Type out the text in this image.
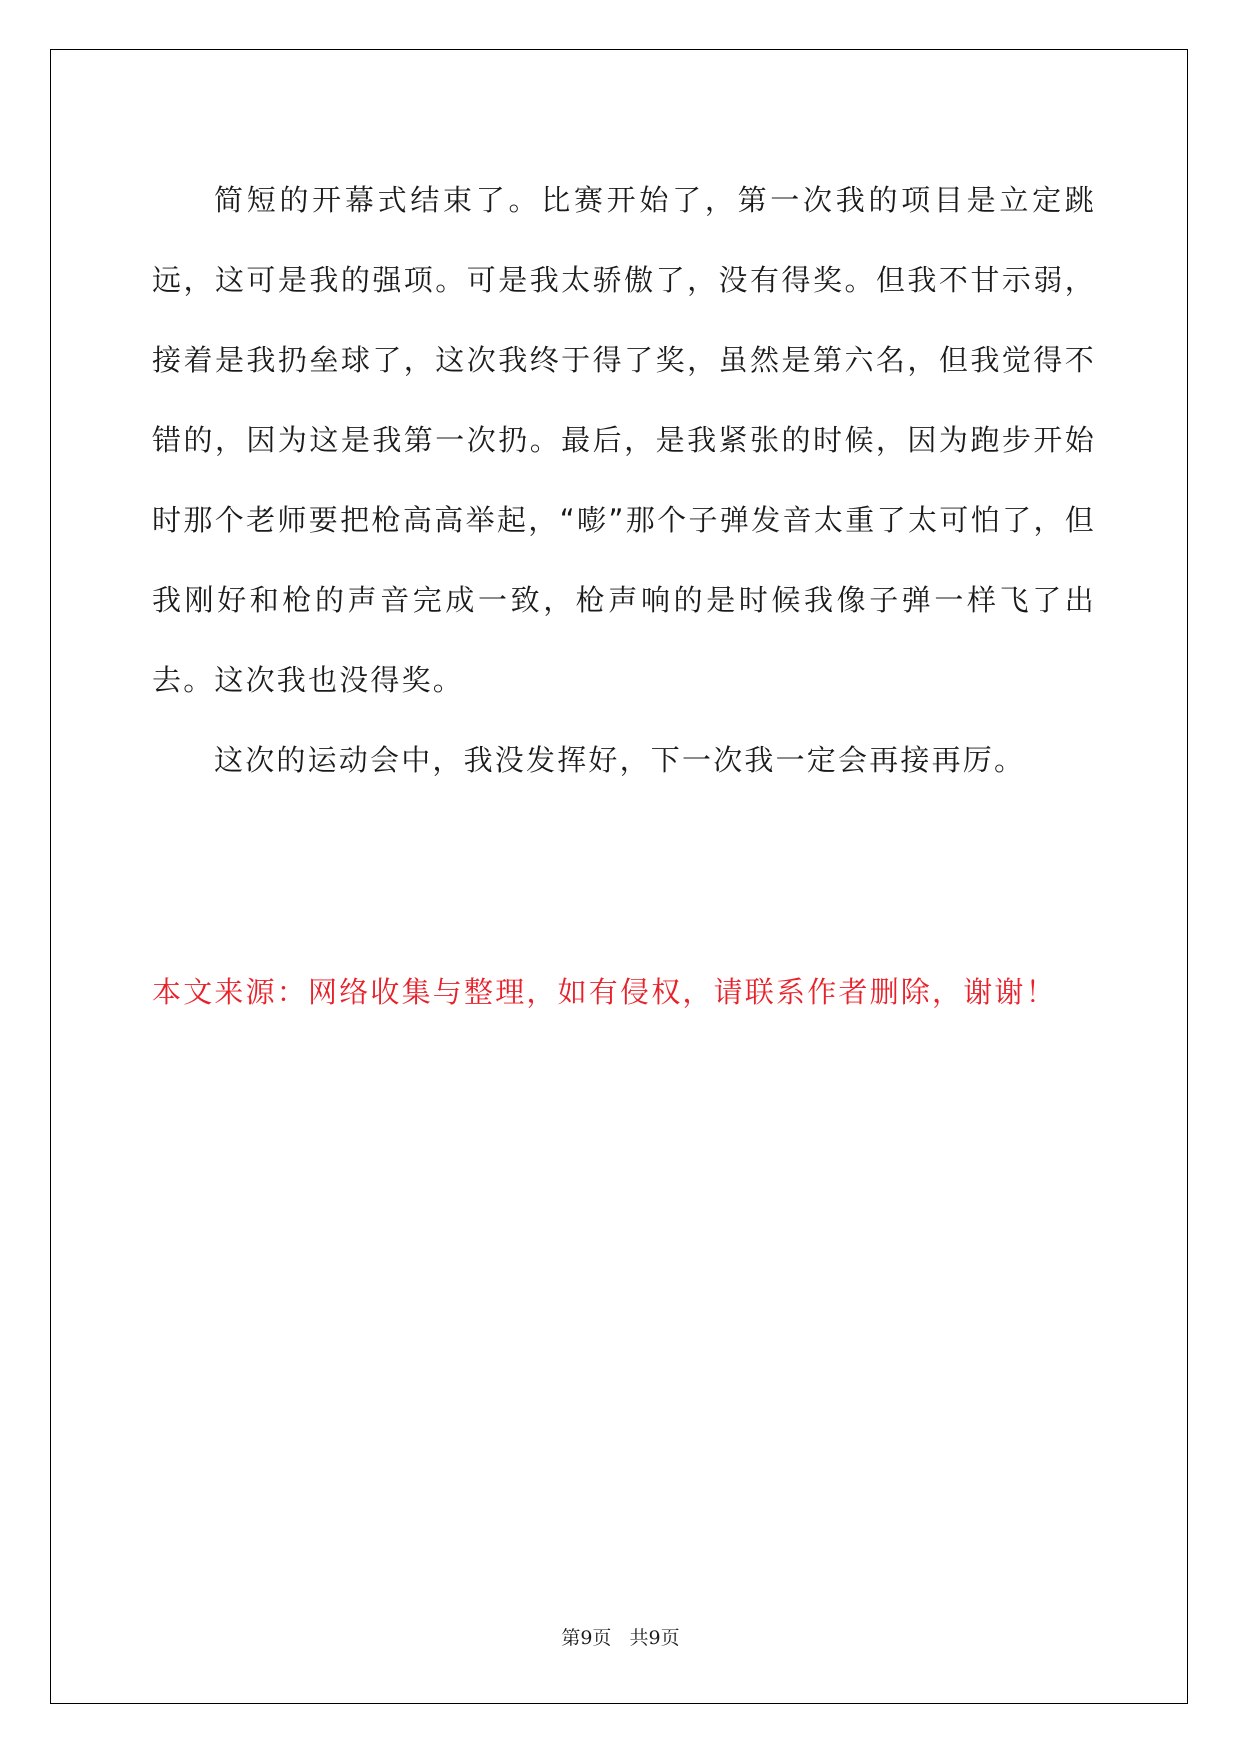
简短的开幕式结束了。比赛开始了，第一次我的项目是立定跳远，这可是我的强项。可是我太骄傲了，没有得奖。但我不甘示弱，接着是我扔垒球了，这次我终于得了奖，虽然是第六名，但我觉得不错的，因为这是我第一次扔。最后，是我紧张的时候，因为跑步开始时那个老师要把枪高高举起，“嘭”那个子弹发音太重了太可怕了，但我刚好和枪的声音完成一致，枪声响的是时候我像子弹一样飞了出去。这次我也没得奖。

这次的运动会中，我没发挥好，下一次我一定会再接再厉。

本文来源：网络收集与整理，如有侵权，请联系作者删除，谢谢！
第9页   共9页
